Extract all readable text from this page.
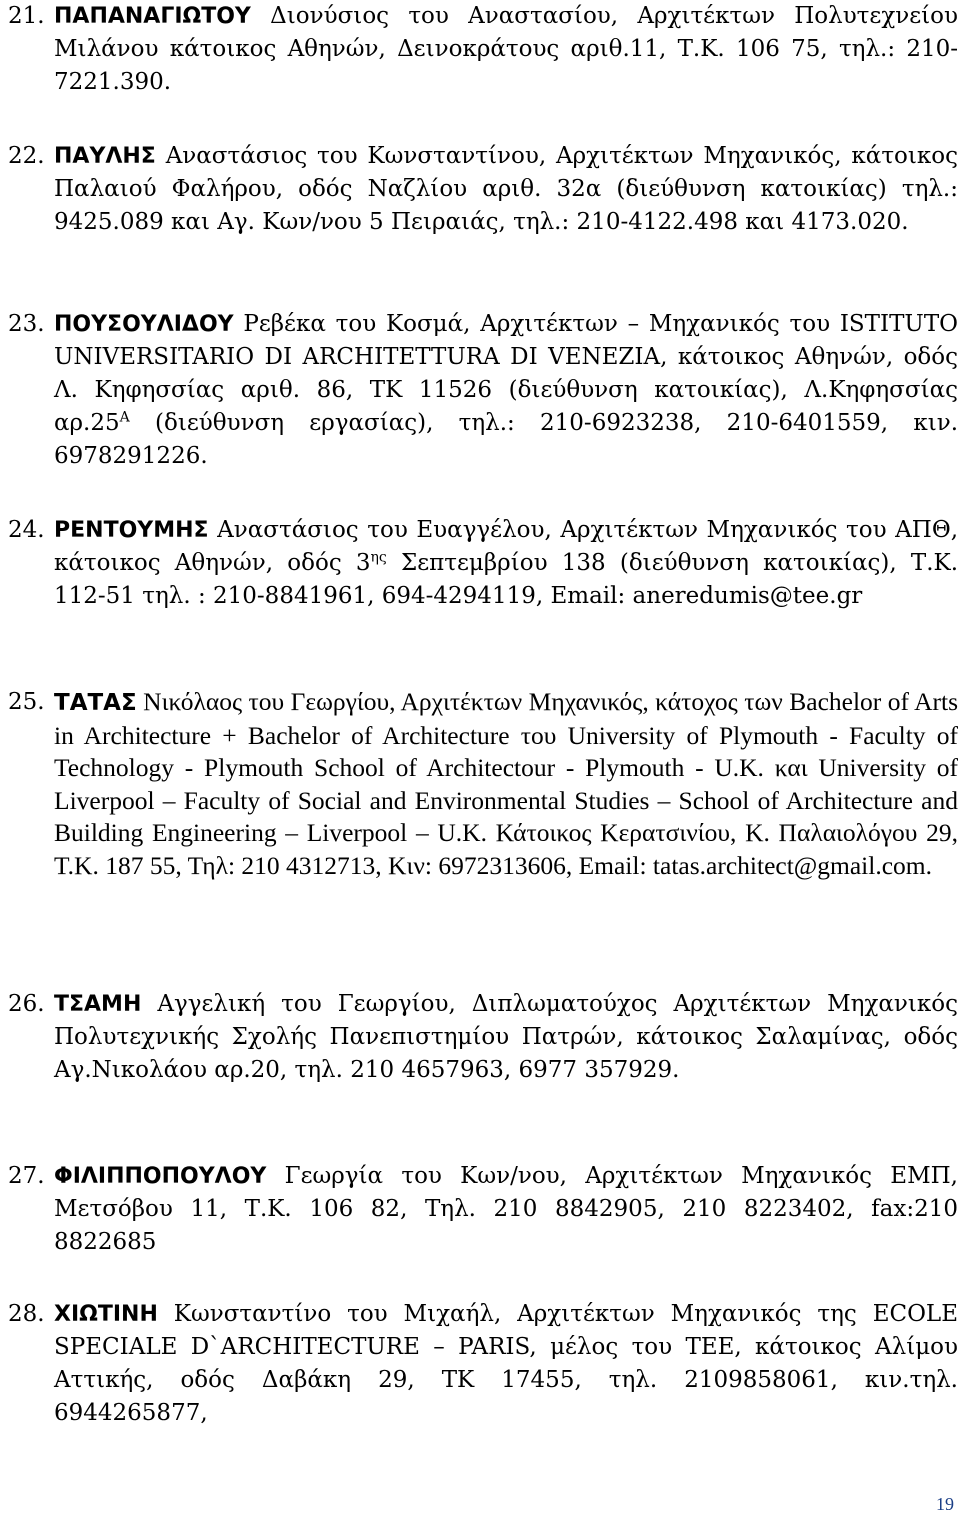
21. ΠΑΠΑΝΑΓΙΩΤΟΥ Διονύσιος του Αναστασίου, Αρχιτέκτων Πολυτεχνείου Μιλάνου κάτοικος Αθηνών, Δεινοκράτους αριθ.11, Τ.Κ. 106 75, τηλ.: 210-7221.390.
22. ΠΑΥΛΗΣ Αναστάσιος του Κωνσταντίνου, Αρχιτέκτων Μηχανικός, κάτοικος Παλαιού Φαλήρου, οδός Ναζλίου αριθ. 32α (διεύθυνση κατοικίας) τηλ.: 9425.089 και Αγ. Κων/νου 5 Πειραιάς, τηλ.: 210-4122.498 και 4173.020.
23. ΠΟΥΣΟΥΛΙΔΟΥ Ρεβέκα του Κοσμά, Αρχιτέκτων – Μηχανικός του ISTITUTO UNIVERSITARIO DI ARCHITETTURA DI VENEZIA, κάτοικος Αθηνών, οδός Λ. Κηφησσίας αριθ. 86, ΤΚ 11526 (διεύθυνση κατοικίας), Λ.Κηφησσίας $\alpha\rho.25^A$ (διεύθυνση εργασίας), τηλ.: 210-6923238, 210-6401559, κιν. 6978291226.
24. ΡΕΝΤΟΥΜΗΣ Αναστάσιος του Ευαγγέλου, Αρχιτέκτων Μηχανικός του ΑΠΘ, κάτοικος Αθηνών, οδός $3^{\eta\varsigma}$ Σεπτεμβρίου 138 (διεύθυνση κατοικίας), Τ.Κ. 112-51 τηλ. : 210-8841961, 694-4294119, Email: aneredumis@tee.gr
25. ΤΑΤΑΣ Νικόλαος του Γεωργίου, Αρχιτέκτων Μηχανικός, κάτοχος των Bachelor of Arts in Architecture + Bachelor of Architecture του University of Plymouth - Faculty of Technology - Plymouth School of Architectour - Plymouth - U.K. και University of Liverpool – Faculty of Social and Environmental Studies – School of Architecture and Building Engineering – Liverpool – U.K. Κάτοικος Κερατσινίου, Κ. Παλαιολόγου 29, Τ.Κ. 187 55, Τηλ: 210 4312713, Κιν: 6972313606, Email: tatas.architect@gmail.com.
26. ΤΣΑΜΗ Αγγελική του Γεωργίου, Διπλωματούχος Αρχιτέκτων Μηχανικός Πολυτεχνικής Σχολής Πανεπιστημίου Πατρών, κάτοικος Σαλαμίνας, οδός Αγ.Νικολάου αρ.20, τηλ. 210 4657963, 6977 357929.
27. ΦΙΛΙΠΠΟΠΟΥΛΟΥ Γεωργία του Κων/νου, Αρχιτέκτων Μηχανικός ΕΜΠ, Μετσόβου 11, Τ.Κ. 106 82, Τηλ. 210 8842905, 210 8223402, fax:210 8822685
28. ΧΙΩΤΙΝΗ Κωνσταντίνο του Μιχαήλ, Αρχιτέκτων Μηχανικός της ECOLE SPECIALE D`ARCHITECTURE – PARIS, μέλος του ΤΕΕ, κάτοικος Αλίμου Αττικής, οδός Δαβάκη 29, ΤΚ 17455, τηλ. 2109858061, κιν.τηλ. 6944265877,
19
